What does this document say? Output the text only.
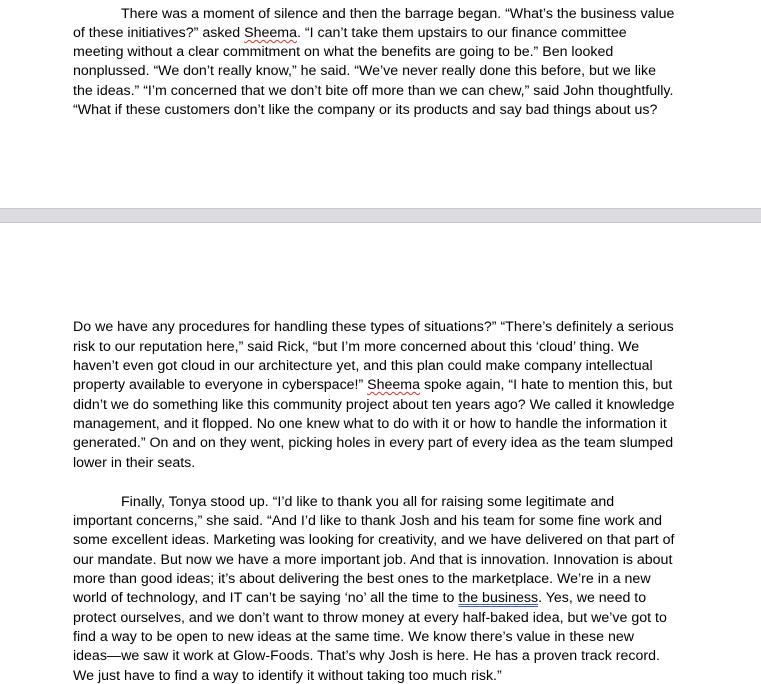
There was a moment of silence and then the barrage began. “What’s the business value
of these initiatives?” asked Sheema. “I can’t take them upstairs to our finance committee
meeting without a clear commitment on what the benefits are going to be.” Ben looked
nonplussed. “We don’t really know,” he said. “We’ve never really done this before, but we like
the ideas.” “I’m concerned that we don’t bite off more than we can chew,” said John thoughtfully.
“What if these customers don’t like the company or its products and say bad things about us?
Do we have any procedures for handling these types of situations?” “There’s definitely a serious
risk to our reputation here,” said Rick, “but I’m more concerned about this ‘cloud’ thing. We
haven’t even got cloud in our architecture yet, and this plan could make company intellectual
property available to everyone in cyberspace!” Sheema spoke again, “I hate to mention this, but
didn’t we do something like this community project about ten years ago? We called it knowledge
management, and it flopped. No one knew what to do with it or how to handle the information it
generated.” On and on they went, picking holes in every part of every idea as the team slumped
lower in their seats.
Finally, Tonya stood up. “I’d like to thank you all for raising some legitimate and
important concerns,” she said. “And I’d like to thank Josh and his team for some fine work and
some excellent ideas. Marketing was looking for creativity, and we have delivered on that part of
our mandate. But now we have a more important job. And that is innovation. Innovation is about
more than good ideas; it’s about delivering the best ones to the marketplace. We’re in a new
world of technology, and IT can’t be saying ‘no’ all the time to the business. Yes, we need to
protect ourselves, and we don’t want to throw money at every half-baked idea, but we’ve got to
find a way to be open to new ideas at the same time. We know there’s value in these new
ideas—we saw it work at Glow-Foods. That’s why Josh is here. He has a proven track record.
We just have to find a way to identify it without taking too much risk.”
